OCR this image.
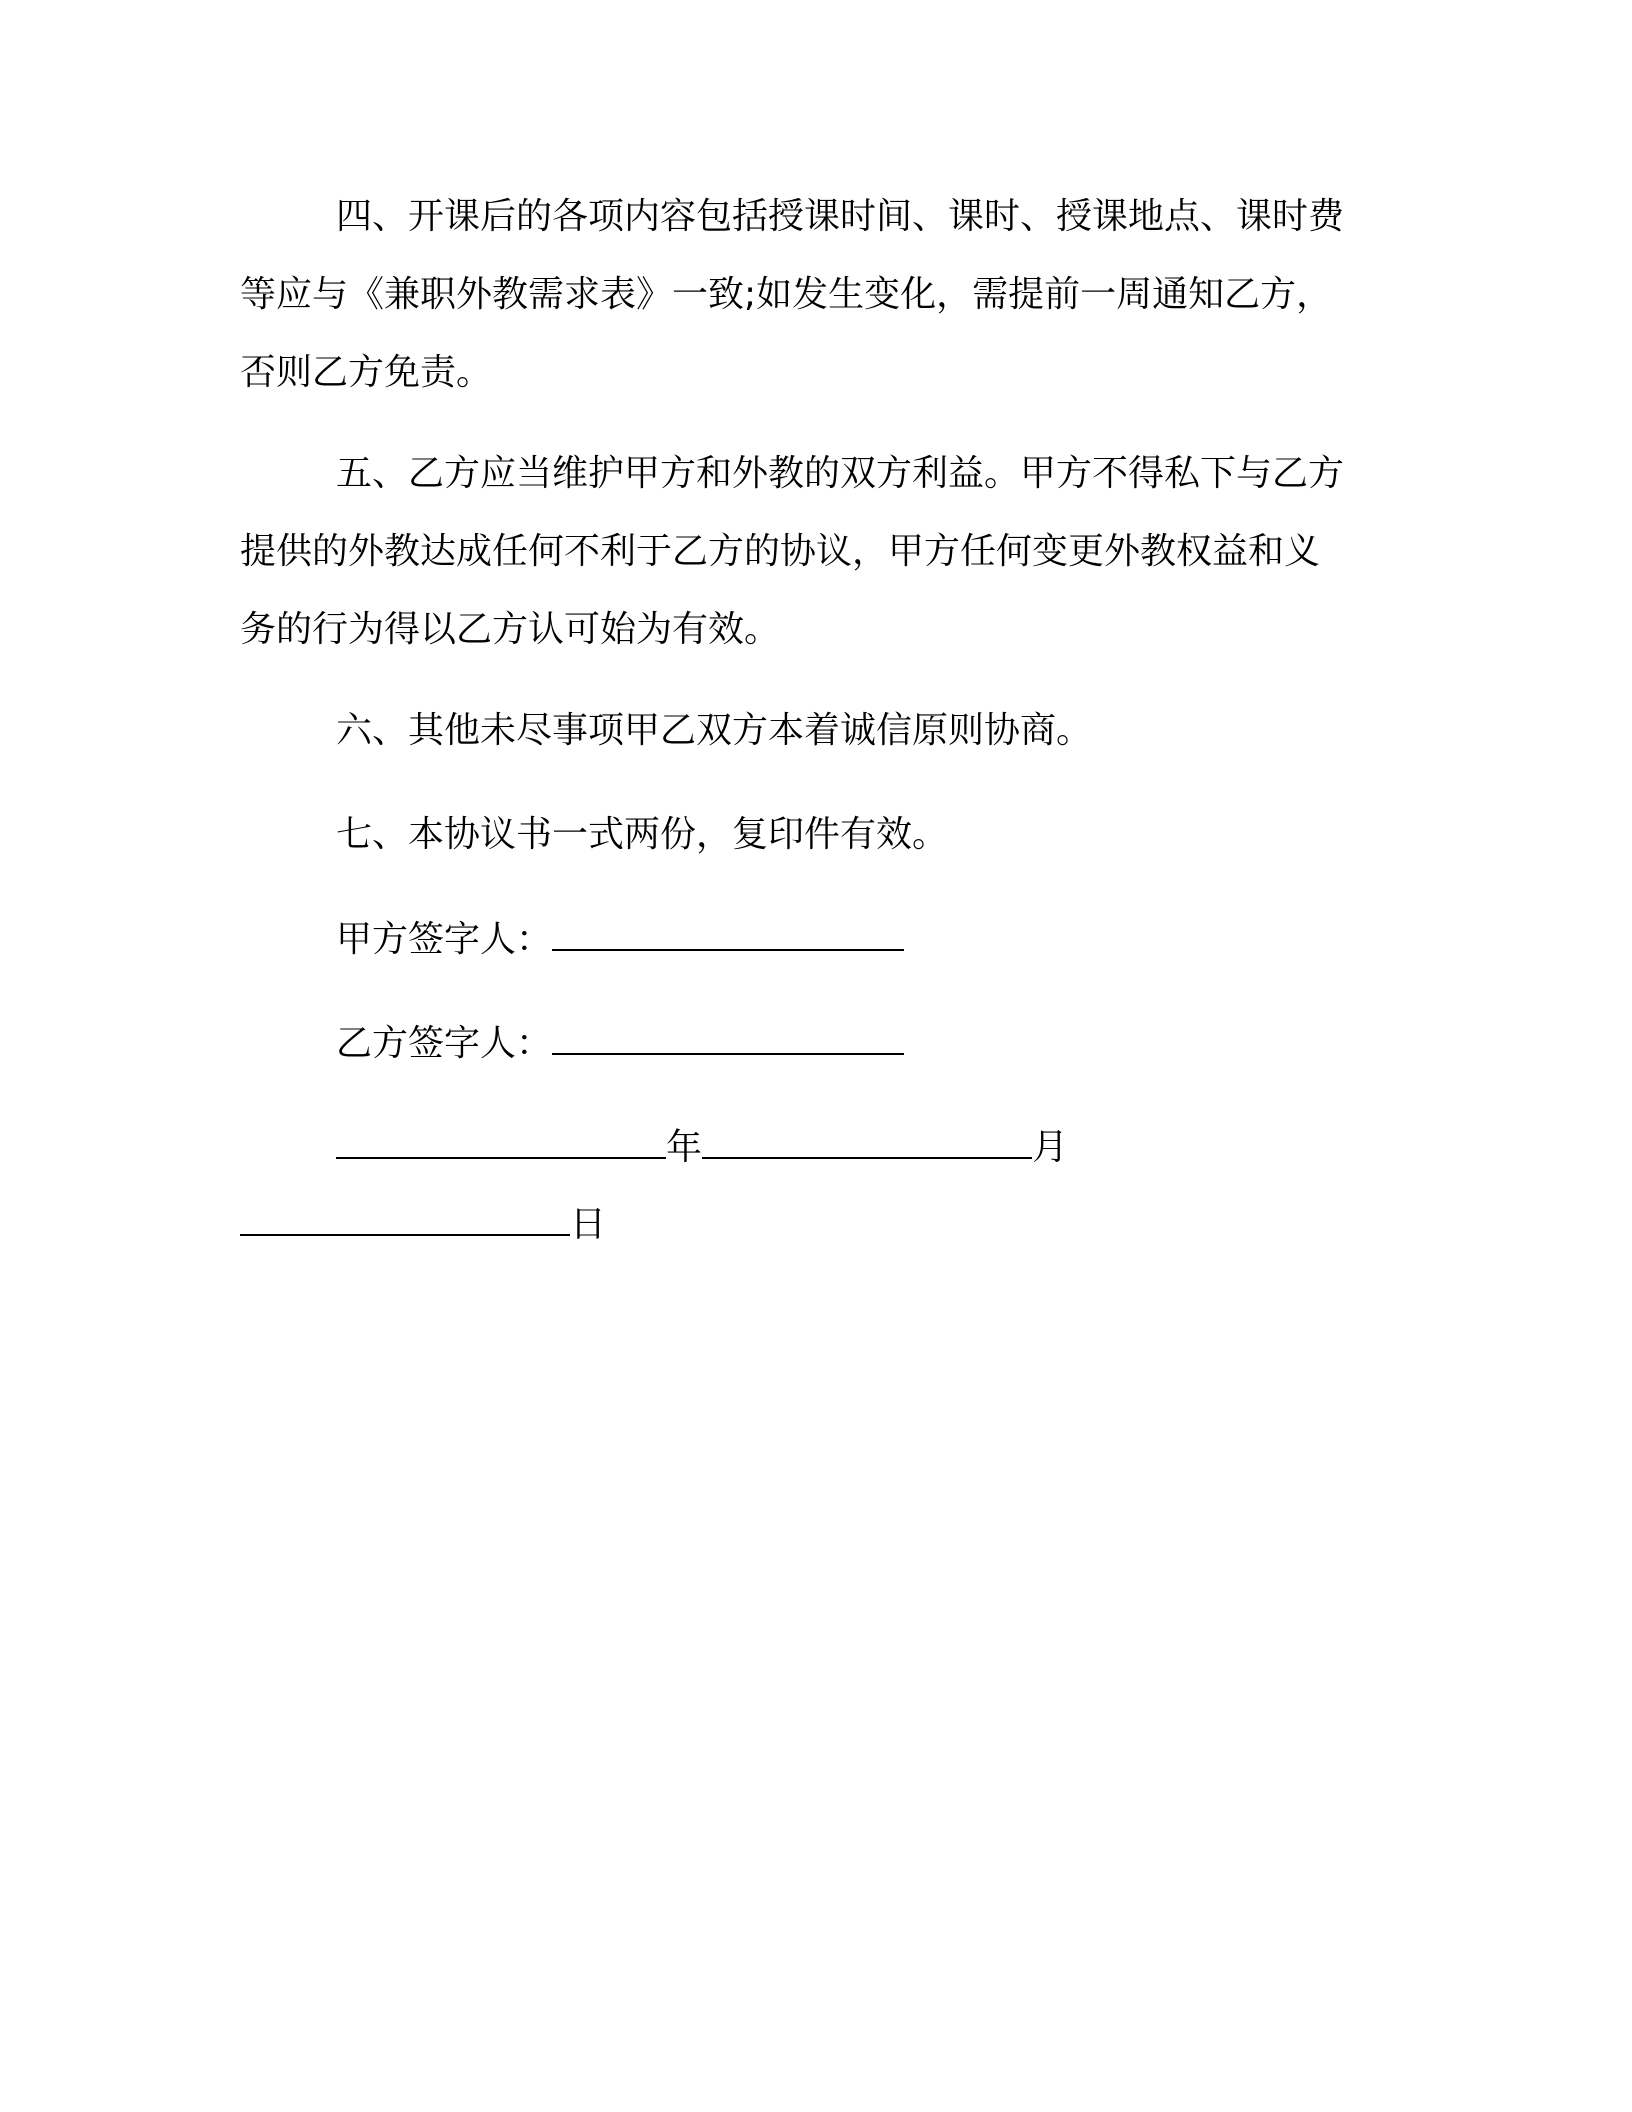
四、开课后的各项内容包括授课时间、课时、授课地点、课时费
等应与《兼职外教需求表》一致;如发生变化，需提前一周通知乙方，
否则乙方免责。
五、乙方应当维护甲方和外教的双方利益。甲方不得私下与乙方
提供的外教达成任何不利于乙方的协议，甲方任何变更外教权益和义
务的行为得以乙方认可始为有效。
六、其他未尽事项甲乙双方本着诚信原则协商。
七、本协议书一式两份，复印件有效。
甲方签字人：
乙方签字人：
年	月
日
